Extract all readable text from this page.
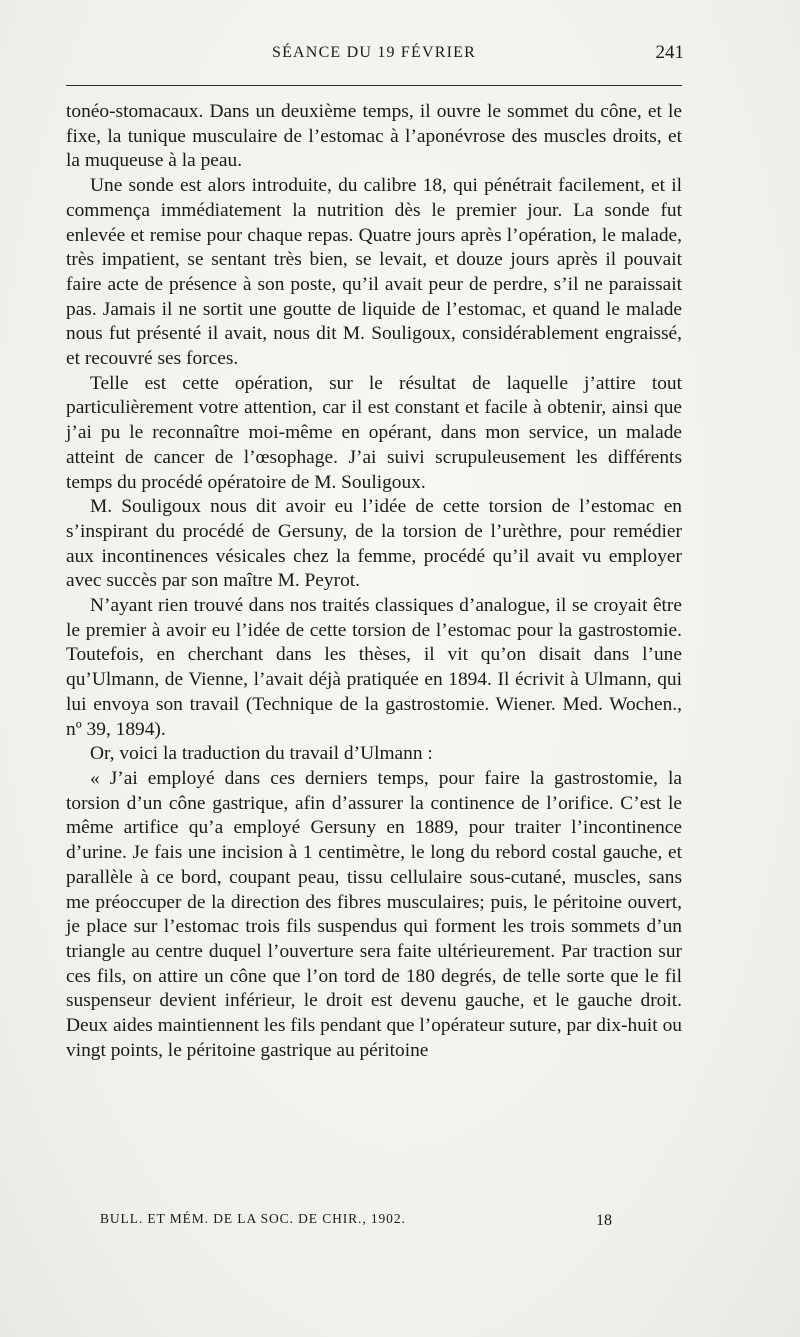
SÉANCE DU 19 FÉVRIER	241

tonéo-stomacaux. Dans un deuxième temps, il ouvre le sommet du cône, et le fixe, la tunique musculaire de l’estomac à l’aponévrose des muscles droits, et la muqueuse à la peau.

Une sonde est alors introduite, du calibre 18, qui pénétrait facilement, et il commença immédiatement la nutrition dès le premier jour. La sonde fut enlevée et remise pour chaque repas. Quatre jours après l’opération, le malade, très impatient, se sentant très bien, se levait, et douze jours après il pouvait faire acte de présence à son poste, qu’il avait peur de perdre, s’il ne paraissait pas. Jamais il ne sortit une goutte de liquide de l’estomac, et quand le malade nous fut présenté il avait, nous dit M. Souligoux, considérablement engraissé, et recouvré ses forces.

Telle est cette opération, sur le résultat de laquelle j’attire tout particulièrement votre attention, car il est constant et facile à obtenir, ainsi que j’ai pu le reconnaître moi-même en opérant, dans mon service, un malade atteint de cancer de l’œsophage. J’ai suivi scrupuleusement les différents temps du procédé opératoire de M. Souligoux.

M. Souligoux nous dit avoir eu l’idée de cette torsion de l’estomac en s’inspirant du procédé de Gersuny, de la torsion de l’urèthre, pour remédier aux incontinences vésicales chez la femme, procédé qu’il avait vu employer avec succès par son maître M. Peyrot.

N’ayant rien trouvé dans nos traités classiques d’analogue, il se croyait être le premier à avoir eu l’idée de cette torsion de l’estomac pour la gastrostomie. Toutefois, en cherchant dans les thèses, il vit qu’on disait dans l’une qu’Ulmann, de Vienne, l’avait déjà pratiquée en 1894. Il écrivit à Ulmann, qui lui envoya son travail (Technique de la gastrostomie. Wiener. Med. Wochen., nº 39, 1894).

Or, voici la traduction du travail d’Ulmann :

« J’ai employé dans ces derniers temps, pour faire la gastrostomie, la torsion d’un cône gastrique, afin d’assurer la continence de l’orifice. C’est le même artifice qu’a employé Gersuny en 1889, pour traiter l’incontinence d’urine. Je fais une incision à 1 centimètre, le long du rebord costal gauche, et parallèle à ce bord, coupant peau, tissu cellulaire sous-cutané, muscles, sans me préoccuper de la direction des fibres musculaires; puis, le péritoine ouvert, je place sur l’estomac trois fils suspendus qui forment les trois sommets d’un triangle au centre duquel l’ouverture sera faite ultérieurement. Par traction sur ces fils, on attire un cône que l’on tord de 180 degrés, de telle sorte que le fil suspenseur devient inférieur, le droit est devenu gauche, et le gauche droit. Deux aides maintiennent les fils pendant que l’opérateur suture, par dix-huit ou vingt points, le péritoine gastrique au péritoine

BULL. ET MÉM. DE LA SOC. DE CHIR., 1902.	18
